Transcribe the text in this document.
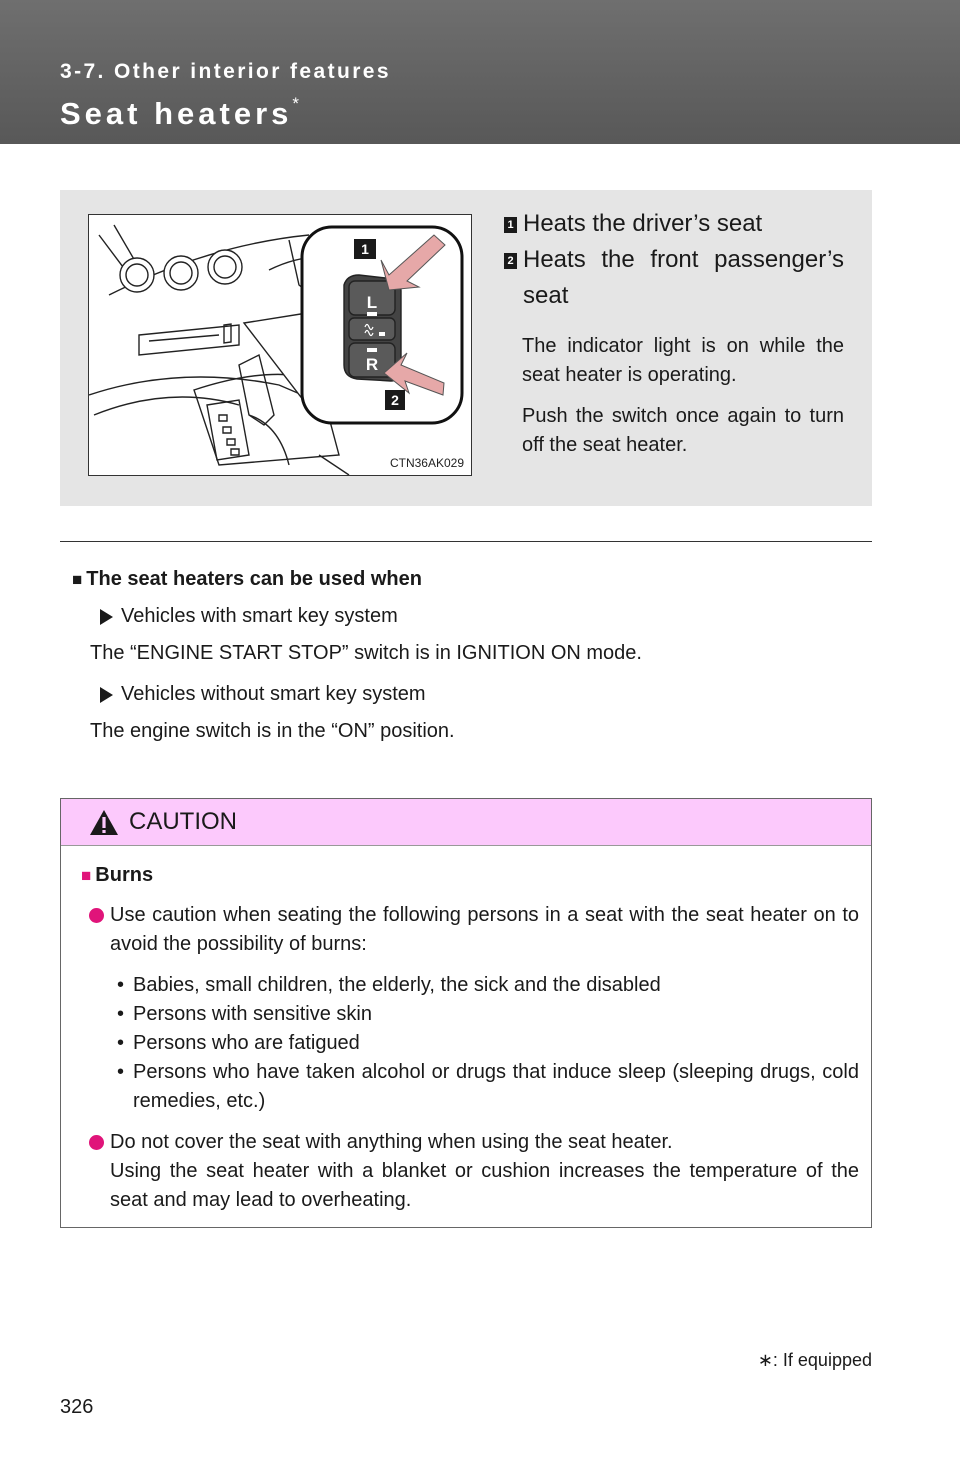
3-7. Other interior features
Seat heaters*
L
R
1
2
CTN36AK029
1 Heats the driver’s seat
2 Heats the front passenger’s seat
The indicator light is on while the seat heater is operating.
Push the switch once again to turn off the seat heater.
■ The seat heaters can be used when
Vehicles with smart key system
The “ENGINE START STOP” switch is in IGNITION ON mode.
Vehicles without smart key system
The engine switch is in the “ON” position.
CAUTION
■ Burns
Use caution when seating the following persons in a seat with the seat heater on to avoid the possibility of burns:
• Babies, small children, the elderly, the sick and the disabled
• Persons with sensitive skin
• Persons who are fatigued
• Persons who have taken alcohol or drugs that induce sleep (sleeping drugs, cold remedies, etc.)
Do not cover the seat with anything when using the seat heater.
Using the seat heater with a blanket or cushion increases the temperature of the seat and may lead to overheating.
∗: If equipped
326
